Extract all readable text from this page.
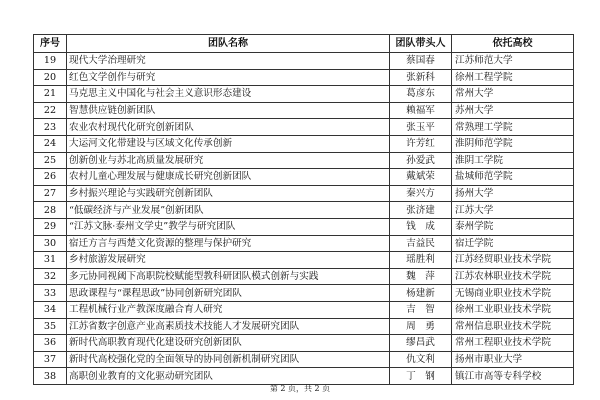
序号	团队名称	团队带头人	依托高校
19	现代大学治理研究	蔡国春	江苏师范大学
20	红色文学创作与研究	张新科	徐州工程学院
21	马克思主义中国化与社会主义意识形态建设	葛彦东	常州大学
22	智慧供应链创新团队	赖福军	苏州大学
23	农业农村现代化研究创新团队	张玉平	常熟理工学院
24	大运河文化带建设与区域文化传承创新	许芳红	淮阴师范学院
25	创新创业与苏北高质量发展研究	孙爱武	淮阴工学院
26	农村儿童心理发展与健康成长研究创新团队	戴斌荣	盐城师范学院
27	乡村振兴理论与实践研究创新团队	秦兴方	扬州大学
28	“低碳经济与产业发展”创新团队	张济建	江苏大学
29	“江苏文脉·泰州文学史”教学与研究团队	钱　成	泰州学院
30	宿迁方言与西楚文化资源的整理与保护研究	吉益民	宿迁学院
31	乡村旅游发展研究	瑶胜利	江苏经贸职业技术学院
32	多元协同视阈下高职院校赋能型教科研团队模式创新与实践	魏　萍	江苏农林职业技术学院
33	思政课程与“课程思政”协同创新研究团队	杨建新	无锡商业职业技术学院
34	工程机械行业产教深度融合育人研究	吉　智	徐州工业职业技术学院
35	江苏省数字创意产业高素质技术技能人才发展研究团队	周　勇	常州信息职业技术学院
36	新时代高职教育现代化建设研究创新团队	缪昌武	常州工程职业技术学院
37	新时代高校强化党的全面领导的协同创新机制研究团队	仇文利	扬州市职业大学
38	高职创业教育的文化驱动研究团队	丁　钢	镇江市高等专科学校
第 2 页，共 2 页
